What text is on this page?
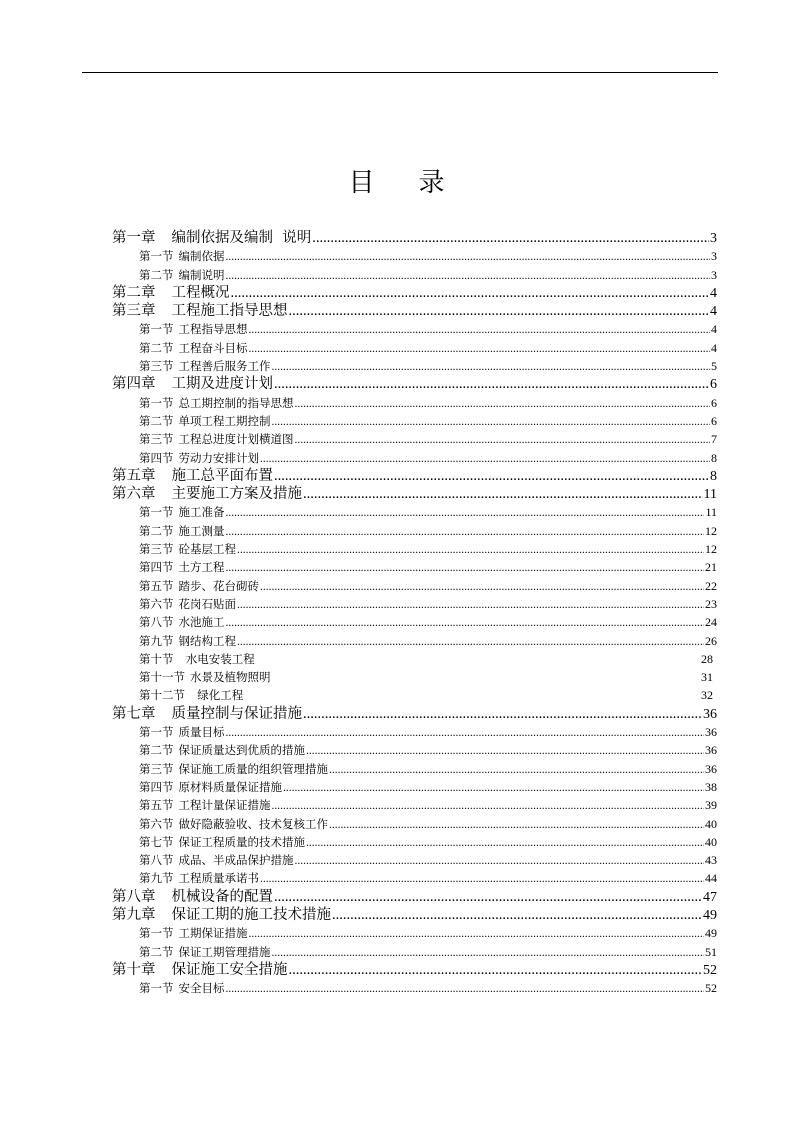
目 录
第一章 编制依据及编制  说明 .....	3
第一节 编制依据 .....	3
第二节 编制说明 .....	3
第二章 工程概况 .....	4
第三章 工程施工指导思想 .....	4
第一节 工程指导思想 .....	4
第二节 工程奋斗目标 .....	4
第三节 工程善后服务工作 .....	5
第四章 工期及进度计划 .....	6
第一节 总工期控制的指导思想 .....	6
第二节 单项工程工期控制 .....	6
第三节 工程总进度计划横道图 .....	7
第四节 劳动力安排计划 .....	8
第五章 施工总平面布置 .....	8
第六章 主要施工方案及措施 .....	11
第一节 施工准备 .....	11
第二节 施工测量 .....	12
第三节 砼基层工程 .....	12
第四节 土方工程 .....	21
第五节 踏步、花台砌砖 .....	22
第六节 花岗石贴面 .....	23
第八节 水池施工 .....	24
第九节 钢结构工程 .....	26
第十节 水电安装工程	28
第十一节 水景及植物照明	31
第十二节 绿化工程	32
第七章 质量控制与保证措施 .....	36
第一节 质量目标 .....	36
第二节 保证质量达到优质的措施 .....	36
第三节 保证施工质量的组织管理措施 .....	36
第四节 原材料质量保证措施 .....	38
第五节 工程计量保证措施 .....	39
第六节 做好隐蔽验收、技术复核工作 .....	40
第七节 保证工程质量的技术措施 .....	40
第八节 成品、半成品保护措施 .....	43
第九节 工程质量承诺书 .....	44
第八章 机械设备的配置 .....	47
第九章 保证工期的施工技术措施 .....	49
第一节 工期保证措施 .....	49
第二节 保证工期管理措施 .....	51
第十章 保证施工安全措施 .....	52
第一节 安全目标 .....	52
